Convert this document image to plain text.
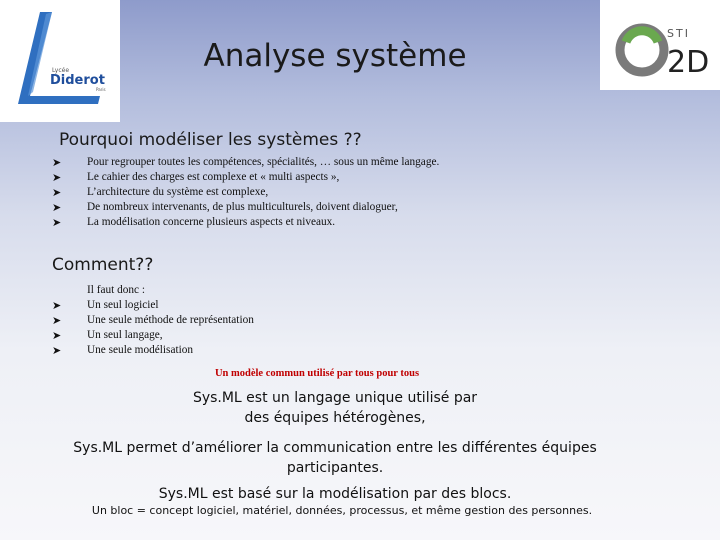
Lycée
Diderot
Paris
STI
2D
Analyse système
Pourquoi modéliser les systèmes ??
➤ Pour regrouper toutes les compétences, spécialités, … sous un même langage.
➤ Le cahier des charges est complexe et « multi aspects »,
➤ L’architecture du système est complexe,
➤ De nombreux intervenants, de plus multiculturels, doivent dialoguer,
➤ La modélisation concerne plusieurs aspects et niveaux.
Comment??
Il faut donc :
➤ Un seul logiciel
➤ Une seule méthode de représentation
➤ Un seul langage,
➤ Une seule modélisation
Un modèle commun utilisé par tous pour tous
Sys.ML est un langage unique utilisé par
des équipes hétérogènes,
Sys.ML permet d’améliorer la communication entre les différentes équipes
participantes.
Sys.ML est basé sur la modélisation par des blocs.
Un bloc = concept logiciel, matériel, données, processus, et même gestion des personnes.
